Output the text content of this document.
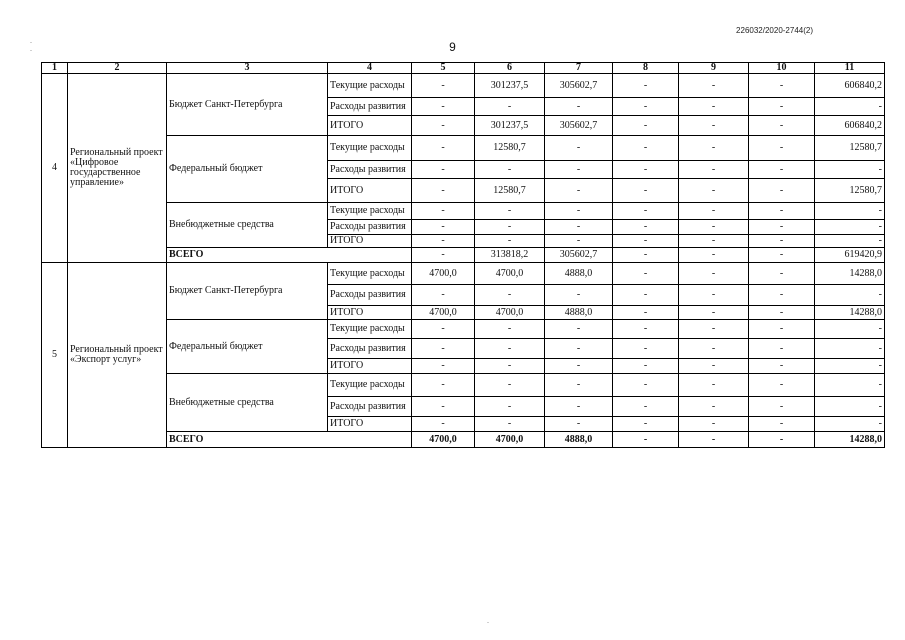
226032/2020-2744(2)
9
.
.
.
1	2	3	4	5	6	7	8	9	10	11
4	Региональный проект «Цифровое государственное управление»	Бюджет Санкт-Петербурга	Текущие расходы	-	301237,5	305602,7	-	-	-	606840,2
			Расходы развития	-	-	-	-	-	-	-
			ИТОГО	-	301237,5	305602,7	-	-	-	606840,2
		Федеральный бюджет	Текущие расходы	-	12580,7	-	-	-	-	12580,7
			Расходы развития	-	-	-	-	-	-	-
			ИТОГО	-	12580,7	-	-	-	-	12580,7
		Внебюджетные средства	Текущие расходы	-	-	-	-	-	-	-
			Расходы развития	-	-	-	-	-	-	-
			ИТОГО	-	-	-	-	-	-	-
		ВСЕГО		-	313818,2	305602,7	-	-	-	619420,9
5	Региональный проект «Экспорт услуг»	Бюджет Санкт-Петербурга	Текущие расходы	4700,0	4700,0	4888,0	-	-	-	14288,0
			Расходы развития	-	-	-	-	-	-	-
			ИТОГО	4700,0	4700,0	4888,0	-	-	-	14288,0
		Федеральный бюджет	Текущие расходы	-	-	-	-	-	-	-
			Расходы развития	-	-	-	-	-	-	-
			ИТОГО	-	-	-	-	-	-	-
		Внебюджетные средства	Текущие расходы	-	-	-	-	-	-	-
			Расходы развития	-	-	-	-	-	-	-
			ИТОГО	-	-	-	-	-	-	-
		ВСЕГО		4700,0	4700,0	4888,0	-	-	-	14288,0
